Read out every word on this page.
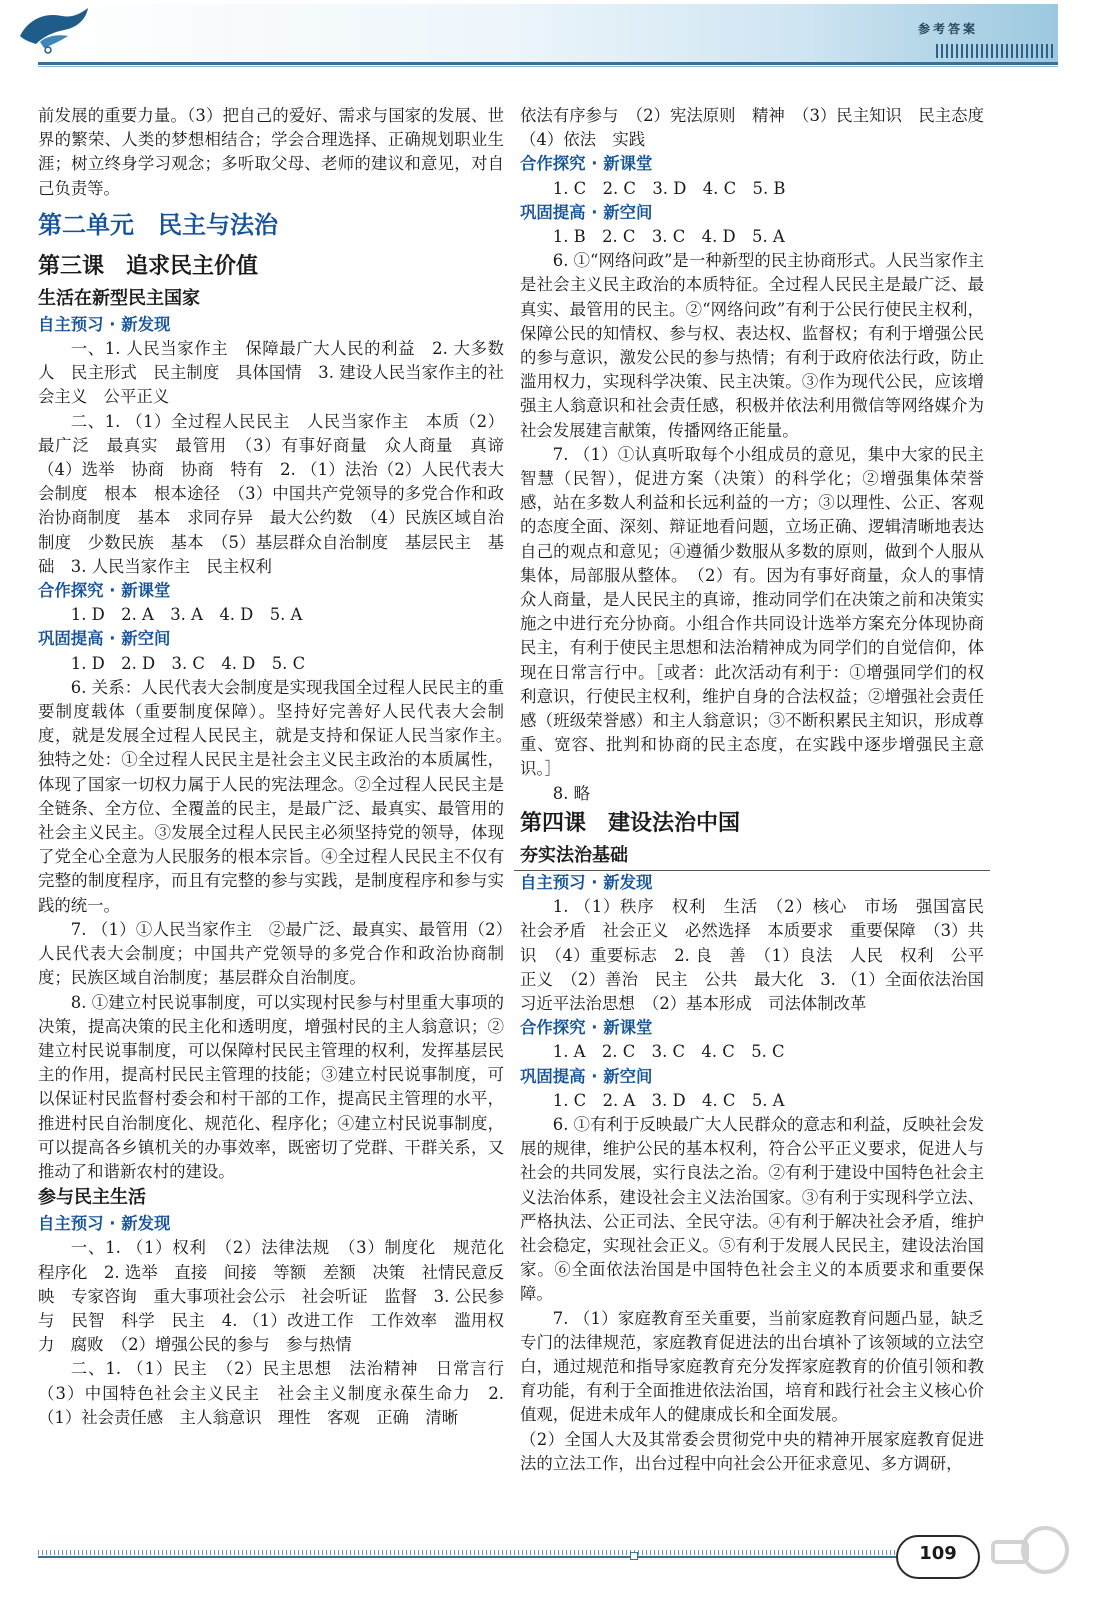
参考答案

前发展的重要力量。（3）把自己的爱好、需求与国家的发展、世界的繁荣、人类的梦想相结合；学会合理选择、正确规划职业生涯；树立终身学习观念；多听取父母、老师的建议和意见，对自己负责等。

第二单元　民主与法治

第三课　追求民主价值

生活在新型民主国家

自主预习 · 新发现

一、1. 人民当家作主　保障最广大人民的利益　2. 大多数人　民主形式　民主制度　具体国情　3. 建设人民当家作主的社会主义　公平正义

二、1. （1）全过程人民民主　人民当家作主　本质（2）最广泛　最真实　最管用　（3）有事好商量　众人商量　真谛　（4）选举　协商　协商　特有　2. （1）法治（2）人民代表大会制度　根本　根本途径　（3）中国共产党领导的多党合作和政治协商制度　基本　求同存异　最大公约数　（4）民族区域自治制度　少数民族　基本　（5）基层群众自治制度　基层民主　基础　3. 人民当家作主　民主权利

合作探究 · 新课堂

1. D　2. A　3. A　4. D　5. A

巩固提高 · 新空间

1. D　2. D　3. C　4. D　5. C

6. 关系：人民代表大会制度是实现我国全过程人民民主的重要制度载体（重要制度保障）。坚持好完善好人民代表大会制度，就是发展全过程人民民主，就是支持和保证人民当家作主。　独特之处：①全过程人民民主是社会主义民主政治的本质属性，体现了国家一切权力属于人民的宪法理念。②全过程人民民主是全链条、全方位、全覆盖的民主，是最广泛、最真实、最管用的社会主义民主。③发展全过程人民民主必须坚持党的领导，体现了党全心全意为人民服务的根本宗旨。④全过程人民民主不仅有完整的制度程序，而且有完整的参与实践，是制度程序和参与实践的统一。

7. （1）①人民当家作主　②最广泛、最真实、最管用（2）人民代表大会制度；中国共产党领导的多党合作和政治协商制度；民族区域自治制度；基层群众自治制度。

8. ①建立村民说事制度，可以实现村民参与村里重大事项的决策，提高决策的民主化和透明度，增强村民的主人翁意识；②建立村民说事制度，可以保障村民民主管理的权利，发挥基层民主的作用，提高村民民主管理的技能；③建立村民说事制度，可以保证村民监督村委会和村干部的工作，提高民主管理的水平，推进村民自治制度化、规范化、程序化；④建立村民说事制度，可以提高各乡镇机关的办事效率，既密切了党群、干群关系，又推动了和谐新农村的建设。

参与民主生活

自主预习 · 新发现

一、1. （1）权利　（2）法律法规　（3）制度化　规范化　程序化　2. 选举　直接　间接　等额　差额　决策　社情民意反映　专家咨询　重大事项社会公示　社会听证　监督　3. 公民参与　民智　科学　民主　4. （1）改进工作　工作效率　滥用权力　腐败　（2）增强公民的参与　参与热情

二、1. （1）民主　（2）民主思想　法治精神　日常言行（3）中国特色社会主义民主　社会主义制度永葆生命力　2. （1）社会责任感　主人翁意识　理性　客观　正确　清晰

依法有序参与　（2）宪法原则　精神　（3）民主知识　民主态度　（4）依法　实践

合作探究 · 新课堂

1. C　2. C　3. D　4. C　5. B

巩固提高 · 新空间

1. B　2. C　3. C　4. D　5. A

6. ①“网络问政”是一种新型的民主协商形式。人民当家作主是社会主义民主政治的本质特征。全过程人民民主是最广泛、最真实、最管用的民主。②“网络问政”有利于公民行使民主权利，保障公民的知情权、参与权、表达权、监督权；有利于增强公民的参与意识，激发公民的参与热情；有利于政府依法行政，防止滥用权力，实现科学决策、民主决策。③作为现代公民，应该增强主人翁意识和社会责任感，积极并依法利用微信等网络媒介为社会发展建言献策，传播网络正能量。

7. （1）①认真听取每个小组成员的意见，集中大家的民主智慧（民智），促进方案（决策）的科学化；②增强集体荣誉感，站在多数人利益和长远利益的一方；③以理性、公正、客观的态度全面、深刻、辩证地看问题，立场正确、逻辑清晰地表达自己的观点和意见；④遵循少数服从多数的原则，做到个人服从集体，局部服从整体。　（2）有。因为有事好商量，众人的事情众人商量，是人民民主的真谛，推动同学们在决策之前和决策实施之中进行充分协商。小组合作共同设计选举方案充分体现协商民主，有利于使民主思想和法治精神成为同学们的自觉信仰，体现在日常言行中。［或者：此次活动有利于：①增强同学们的权利意识，行使民主权利，维护自身的合法权益；②增强社会责任感（班级荣誉感）和主人翁意识；③不断积累民主知识，形成尊重、宽容、批判和协商的民主态度，在实践中逐步增强民主意识。］

8. 略

第四课　建设法治中国

夯实法治基础

自主预习 · 新发现

1. （1）秩序　权利　生活　（2）核心　市场　强国富民　社会矛盾　社会正义　必然选择　本质要求　重要保障　（3）共识　（4）重要标志　2. 良　善　（1）良法　人民　权利　公平正义　（2）善治　民主　公共　最大化　3. （1）全面依法治国　习近平法治思想　（2）基本形成　司法体制改革

合作探究 · 新课堂

1. A　2. C　3. C　4. C　5. C

巩固提高 · 新空间

1. C　2. A　3. D　4. C　5. A

6. ①有利于反映最广大人民群众的意志和利益，反映社会发展的规律，维护公民的基本权利，符合公平正义要求，促进人与社会的共同发展，实行良法之治。②有利于建设中国特色社会主义法治体系，建设社会主义法治国家。③有利于实现科学立法、严格执法、公正司法、全民守法。④有利于解决社会矛盾，维护社会稳定，实现社会正义。⑤有利于发展人民民主，建设法治国家。⑥全面依法治国是中国特色社会主义的本质要求和重要保障。

7. （1）家庭教育至关重要，当前家庭教育问题凸显，缺乏专门的法律规范，家庭教育促进法的出台填补了该领域的立法空白，通过规范和指导家庭教育充分发挥家庭教育的价值引领和教育功能，有利于全面推进依法治国，培育和践行社会主义核心价值观，促进未成年人的健康成长和全面发展。

（2）全国人大及其常委会贯彻党中央的精神开展家庭教育促进法的立法工作，出台过程中向社会公开征求意见、多方调研，

109
